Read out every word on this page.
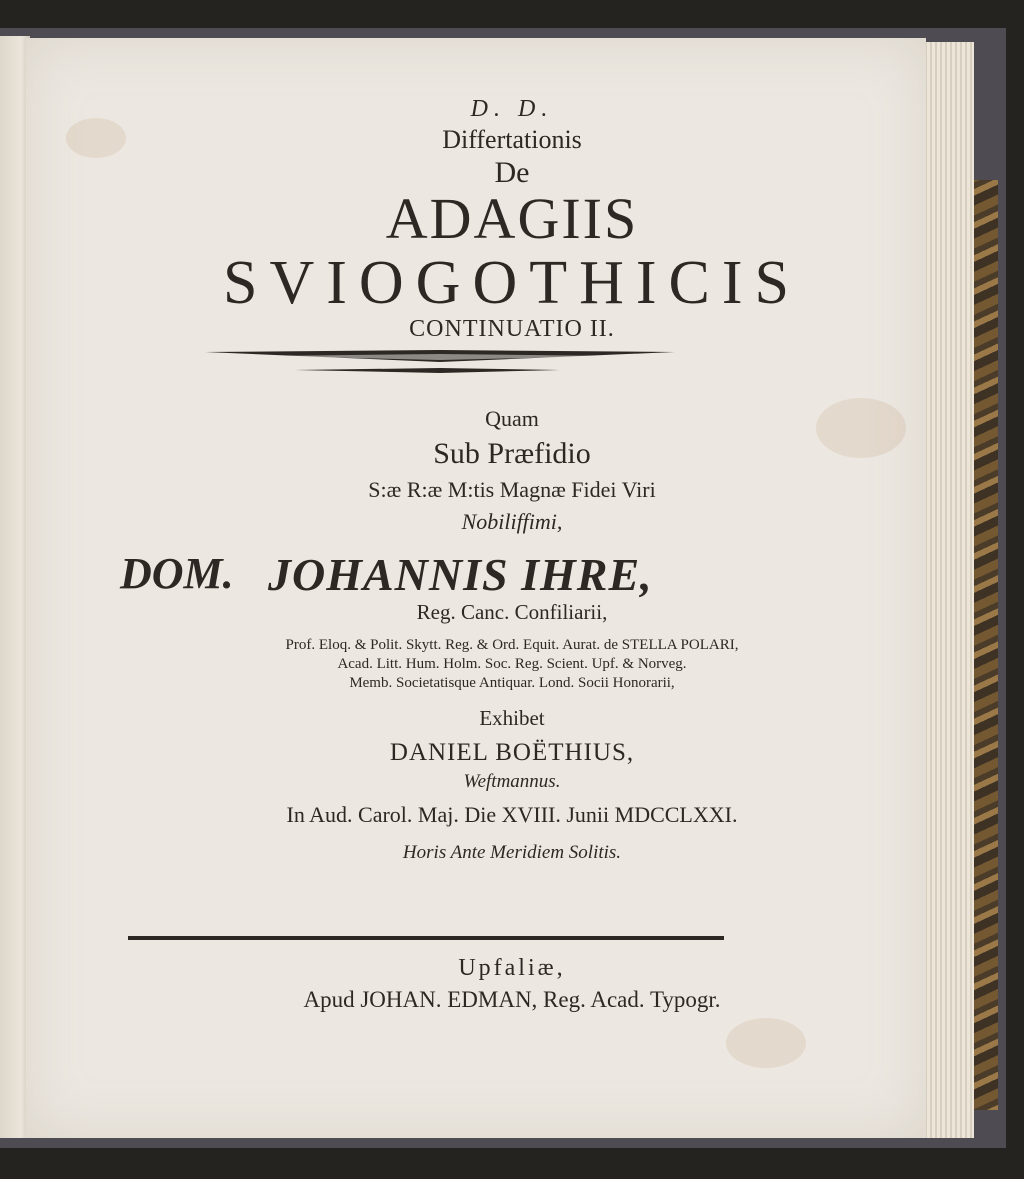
D. D.
Differtationis
De
ADAGIIS
SVIOGOTHICIS
CONTINUATIO II.
Quam
Sub Præfidio
S:æ R:æ M:tis Magnæ Fidei Viri
Nobiliffimi,
DOM. JOHANNIS IHRE,
Reg. Canc. Confiliarii,
Prof. Eloq. & Polit. Skytt. Reg. & Ord. Equit. Aurat. de STELLA POLARI,
Acad. Litt. Hum. Holm. Soc. Reg. Scient. Upf. & Norveg.
Memb. Societatisque Antiquar. Lond. Socii Honorarii,
Exhibet
DANIEL BOËTHIUS,
Weftmannus.
In Aud. Carol. Maj. Die XVIII. Junii MDCCLXXI.
Horis Ante Meridiem Solitis.
Upfaliæ,
Apud JOHAN. EDMAN, Reg. Acad. Typogr.
